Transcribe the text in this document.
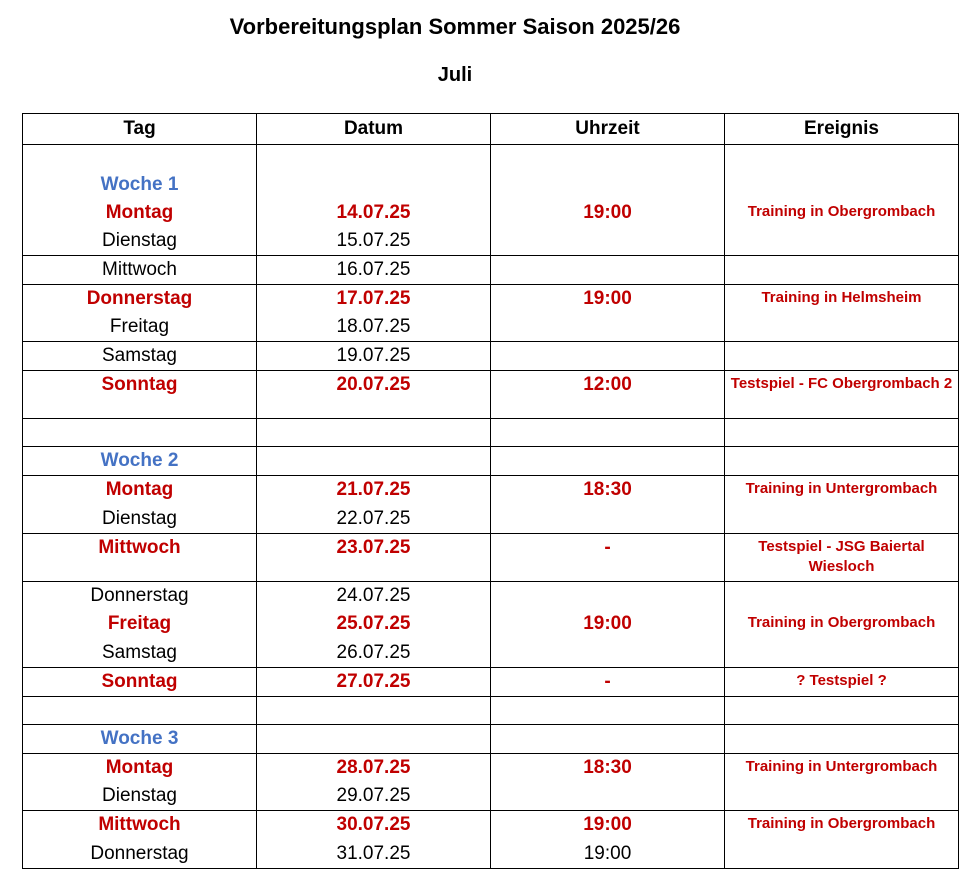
Vorbereitungsplan Sommer Saison 2025/26
Juli
Tag	Datum	Uhrzeit	Ereignis

Woche 1			
Montag	14.07.25	19:00	Training in Obergrombach
Dienstag	15.07.25		
Mittwoch	16.07.25		
Donnerstag	17.07.25	19:00	Training in Helmsheim
Freitag	18.07.25		
Samstag	19.07.25		
Sonntag	20.07.25	12:00	Testspiel - FC Obergrombach 2

Woche 2			
Montag	21.07.25	18:30	Training in Untergrombach
Dienstag	22.07.25		
Mittwoch	23.07.25	-	Testspiel - JSG Baiertal Wiesloch
Donnerstag	24.07.25		
Freitag	25.07.25	19:00	Training in Obergrombach
Samstag	26.07.25		
Sonntag	27.07.25	-	? Testspiel ?

Woche 3			
Montag	28.07.25	18:30	Training in Untergrombach
Dienstag	29.07.25		
Mittwoch	30.07.25	19:00	Training in Obergrombach
Donnerstag	31.07.25	19:00	
